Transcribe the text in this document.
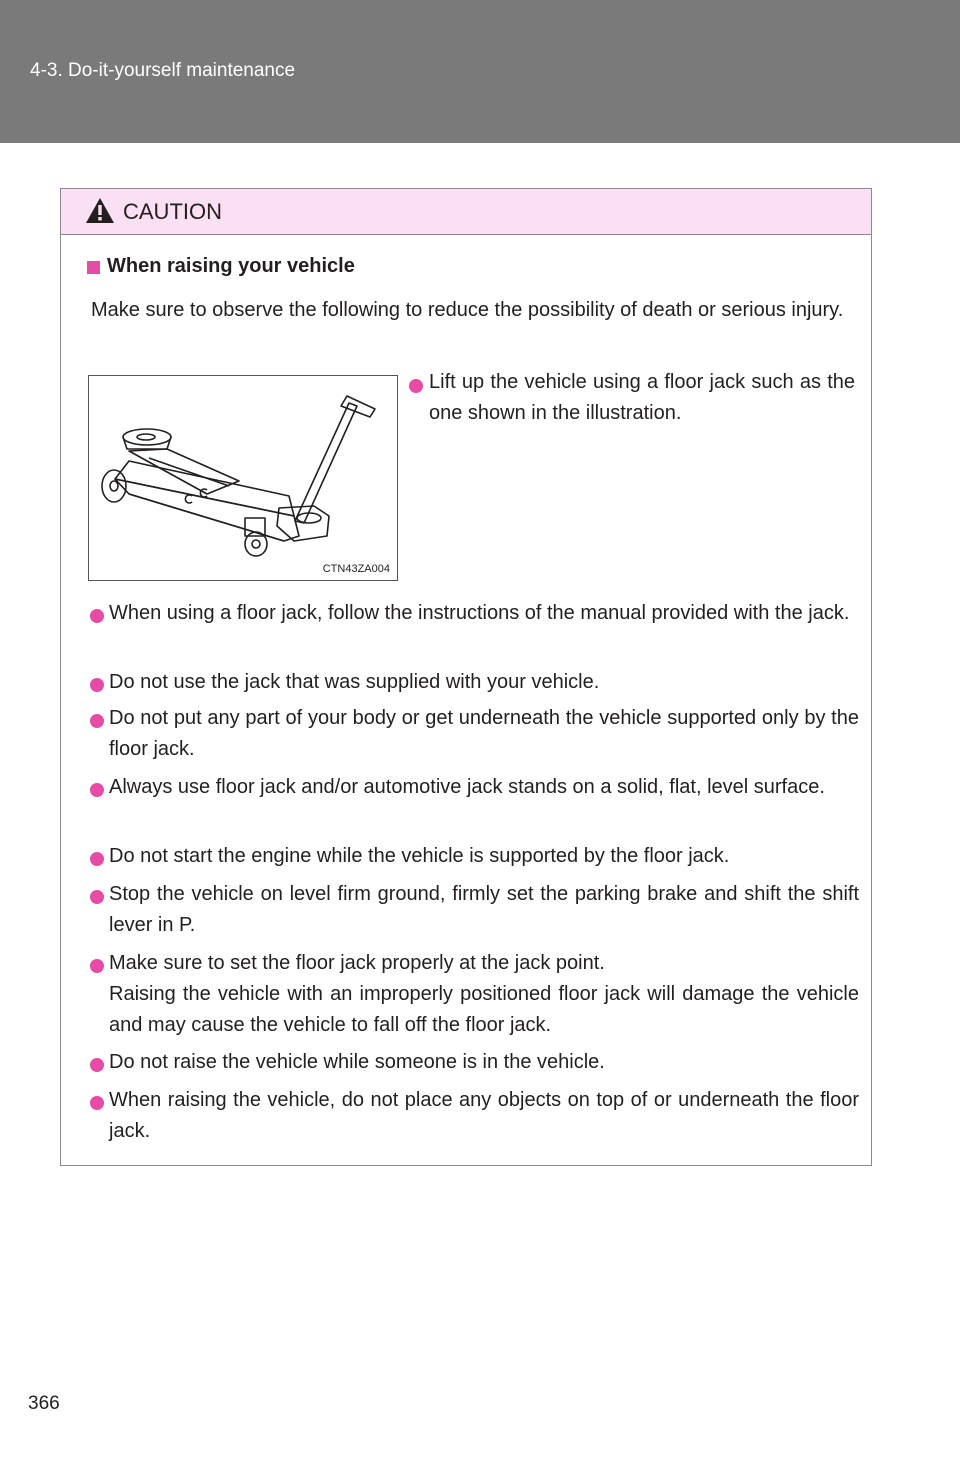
4-3. Do-it-yourself maintenance
CAUTION
When raising your vehicle
Make sure to observe the following to reduce the possibility of death or serious injury.
CTN43ZA004
Lift up the vehicle using a floor jack such as the one shown in the illustration.
When using a floor jack, follow the instructions of the manual provided with the jack.
Do not use the jack that was supplied with your vehicle.
Do not put any part of your body or get underneath the vehicle supported only by the floor jack.
Always use floor jack and/or automotive jack stands on a solid, flat, level surface.
Do not start the engine while the vehicle is supported by the floor jack.
Stop the vehicle on level firm ground, firmly set the parking brake and shift the shift lever in P.
Make sure to set the floor jack properly at the jack point.
Raising the vehicle with an improperly positioned floor jack will damage the vehicle and may cause the vehicle to fall off the floor jack.
Do not raise the vehicle while someone is in the vehicle.
When raising the vehicle, do not place any objects on top of or underneath the floor jack.
366
